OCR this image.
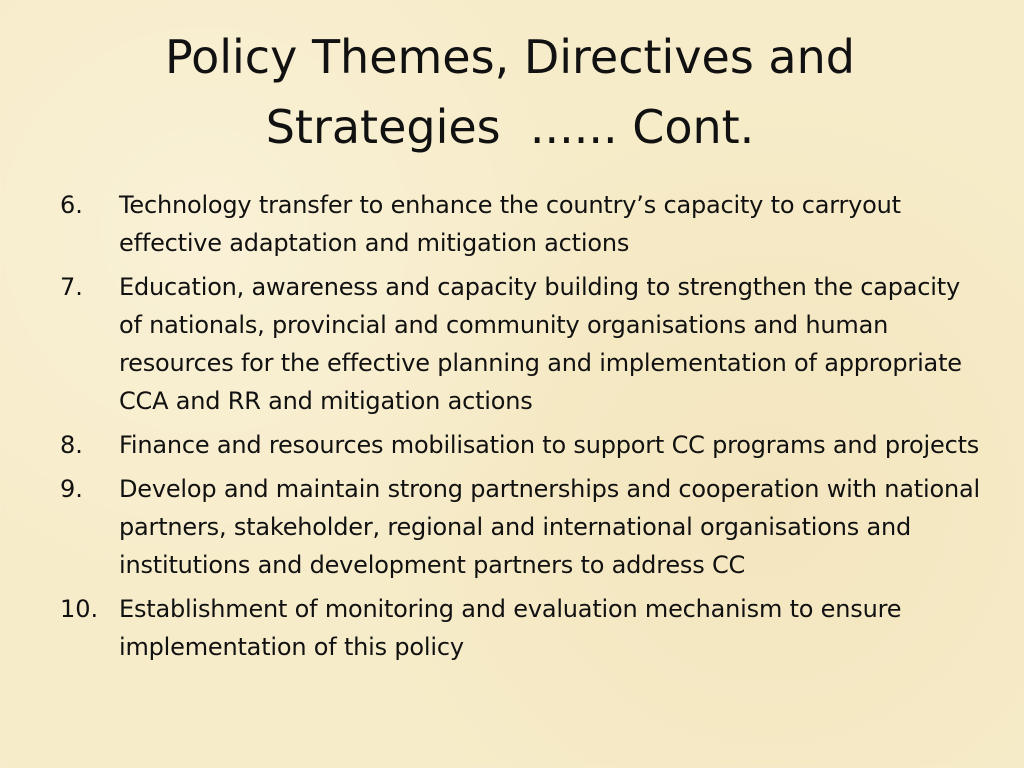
Policy Themes, Directives and
Strategies  ...... Cont.
6.	Technology transfer to enhance the country’s capacity to carryout effective adaptation and mitigation actions
7.	Education, awareness and capacity building to strengthen the capacity of nationals, provincial and community organisations and human resources for the effective planning and implementation of appropriate CCA and RR and mitigation actions
8.	Finance and resources mobilisation to support CC programs and projects
9.	Develop and maintain strong partnerships and cooperation with national partners, stakeholder, regional and international organisations and institutions and development partners to address CC
10. Establishment of monitoring and evaluation mechanism to ensure implementation of this policy
